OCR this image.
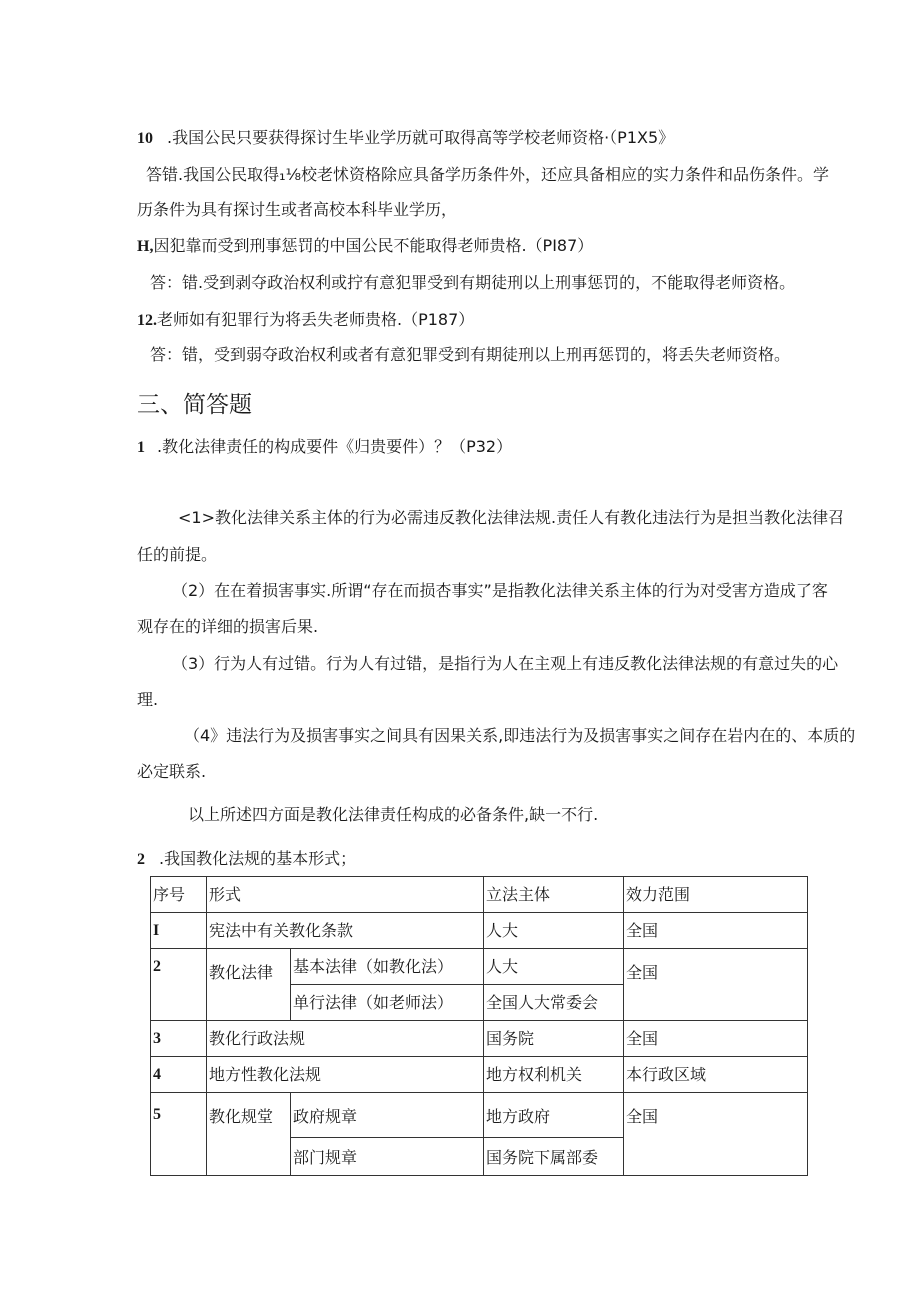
10 .我国公民只要获得探讨生毕业学历就可取得高等学校老师资格·（P1X5》
答错.我国公民取得₁⅛校老怵资格除应具备学历条件外，还应具备相应的实力条件和品伤条件。学
历条件为具有探讨生或者高校本科毕业学历，
H,因犯靠而受到刑事惩罚的中国公民不能取得老师贵格.（PI87）
答：错.受到剥夺政治权利或拧有意犯罪受到有期徒刑以上刑事惩罚的，不能取得老师资格。
12.老师如有犯罪行为将丢失老师贵格.（P187）
答：错，受到弱夺政治权利或者有意犯罪受到有期徒刑以上刑再惩罚的，将丢失老师资格。
三、简答题
1 .教化法律责任的构成要件《归贵要件）？（P32）
<1>教化法律关系主体的行为必需违反教化法律法规.责任人有教化违法行为是担当教化法律召
任的前提。
（2）在在着损害事实.所谓“存在而损杏事实”是指教化法律关系主体的行为对受害方造成了客
观存在的详细的损害后果.
（3）行为人有过错。行为人有过错，是指行为人在主观上有违反教化法律法规的有意过失的心
理.
（4》违法行为及损害事实之间具有因果关系,即违法行为及损害事实之间存在岩内在的、本质的
必定联系.
以上所述四方面是教化法律责任构成的必备条件,缺一不行.
2 .我国教化法规的基本形式；
序号	形式		立法主体	效力范围
I	宪法中有关教化条款		人大	全国
2	教化法律	基本法律（如教化法）	人大	全国
		单行法律（如老师法）	全国人大常委会	
3	教化行政法规		国务院	全国
4	地方性教化法规		地方权利机关	本行政区域
5	教化规堂	政府规章	地方政府	全国
		部门规章	国务院下属部委	
